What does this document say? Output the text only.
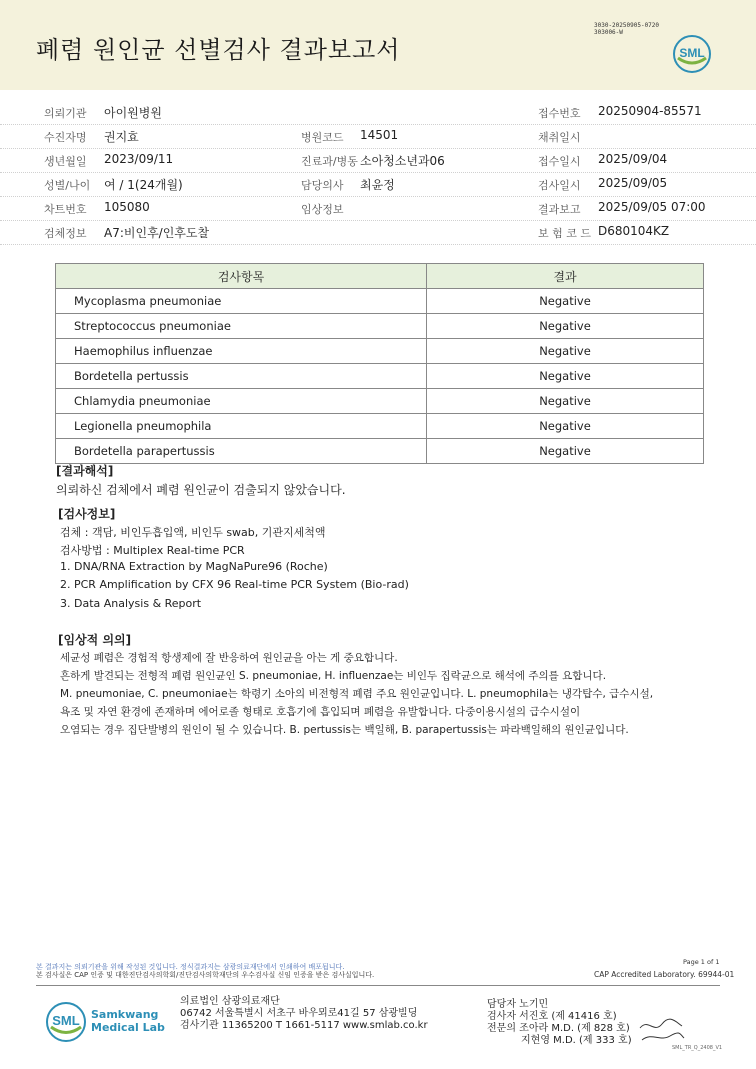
폐렴 원인균 선별검사 결과보고서
3030-20250905-0720
303006-W
SML
의뢰기관 아이원병원	접수번호 20250904-85571
수진자명 권지효	병원코드 14501	채취일시
생년월일 2023/09/11	진료과/병동 소아청소년과06	접수일시 2025/09/04
성별/나이 여 / 1(24개월)	담당의사 최윤정	검사일시 2025/09/05
차트번호 105080	임상정보	결과보고 2025/09/05 07:00
검체정보 A7:비인후/인후도찰	보 험 코 드 D680104KZ
검사항목	결과
Mycoplasma pneumoniae	Negative
Streptococcus pneumoniae	Negative
Haemophilus influenzae	Negative
Bordetella pertussis	Negative
Chlamydia pneumoniae	Negative
Legionella pneumophila	Negative
Bordetella parapertussis	Negative
[결과해석]
의뢰하신 검체에서 폐렴 원인균이 검출되지 않았습니다.
[검사정보]
검체 : 객담, 비인두흡입액, 비인두 swab, 기관지세척액
검사방법 : Multiplex Real-time PCR
1. DNA/RNA Extraction by MagNaPure96 (Roche)
2. PCR Amplification by CFX 96 Real-time PCR System (Bio-rad)
3. Data Analysis & Report
[임상적 의의]
세균성 폐렴은 경험적 항생제에 잘 반응하여 원인균을 아는 게 중요합니다.
흔하게 발견되는 전형적 폐렴 원인균인 S. pneumoniae, H. influenzae는 비인두 집락균으로 해석에 주의를 요합니다.
M. pneumoniae, C. pneumoniae는 학령기 소아의 비전형적 폐렴 주요 원인균입니다. L. pneumophila는 냉각탑수, 급수시설,
욕조 및 자연 환경에 존재하며 에어로졸 형태로 호흡기에 흡입되며 폐렴을 유발합니다. 다중이용시설의 급수시설이
오염되는 경우 집단발병의 원인이 될 수 있습니다. B. pertussis는 백일해, B. parapertussis는 파라백일해의 원인균입니다.
Page 1 of 1
본 결과지는 의뢰기관을 위해 작성된 것입니다. 정식결과지는 삼광의료재단에서 인쇄하여 배포됩니다.
본 검사실은 CAP 인증 및 대한진단검사의학회/진단검사의학재단의 우수검사실 신임 인증을 받은 검사실입니다.	CAP Accredited Laboratory. 69944-01
SML Samkwang
Medical Lab
의료법인 삼광의료재단
06742 서울특별시 서초구 바우뫼로41길 57 삼광빌딩
검사기관 11365200 T 1661-5117 www.smlab.co.kr
담당자 노기민
검사자 서진호 (제 41416 호)
전문의 조아라 M.D. (제 828 호)
지현영 M.D. (제 333 호)
SML_TR_Q_2408_V1
